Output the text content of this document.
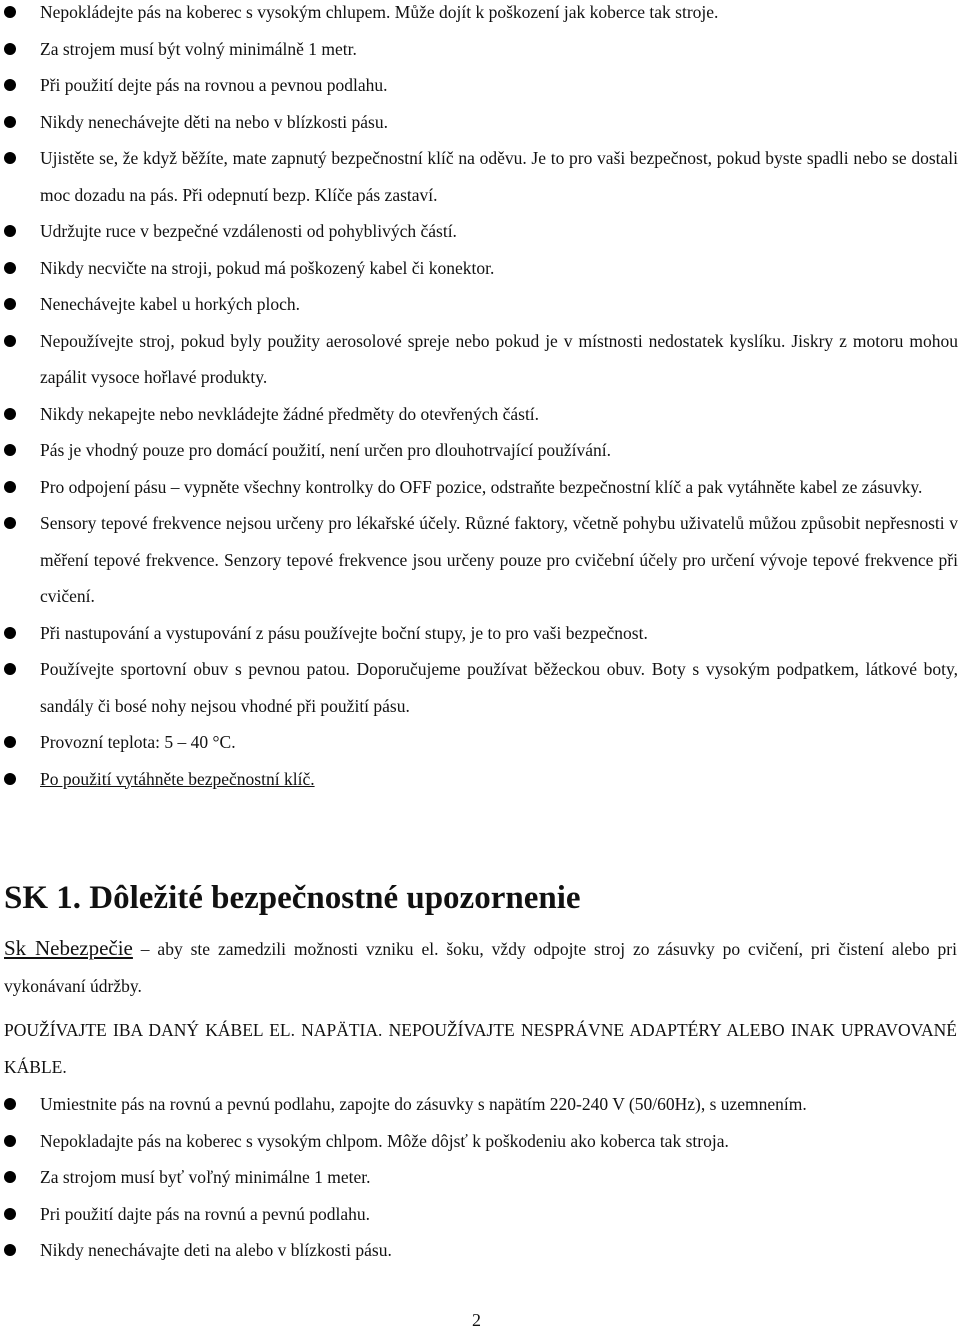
Nepokládejte pás na koberec s vysokým chlupem. Může dojít k poškození jak koberce tak stroje.
Za strojem musí být volný minimálně 1 metr.
Při použití dejte pás na rovnou a pevnou podlahu.
Nikdy nenechávejte děti na nebo v blízkosti pásu.
Ujistěte se, že když běžíte, mate zapnutý bezpečnostní klíč na oděvu. Je to pro vaši bezpečnost, pokud byste spadli nebo se dostali moc dozadu na pás. Při odepnutí bezp. Klíče pás zastaví.
Udržujte ruce v bezpečné vzdálenosti od pohyblivých částí.
Nikdy necvičte na stroji, pokud má poškozený kabel či konektor.
Nenechávejte kabel u horkých ploch.
Nepoužívejte stroj, pokud byly použity aerosolové spreje nebo pokud je v místnosti nedostatek kyslíku. Jiskry z motoru mohou zapálit vysoce hořlavé produkty.
Nikdy nekapejte nebo nevkládejte žádné předměty do otevřených částí.
Pás je vhodný pouze pro domácí použití, není určen pro dlouhotrvající používání.
Pro odpojení pásu – vypněte všechny kontrolky do OFF pozice, odstraňte bezpečnostní klíč a pak vytáhněte kabel ze zásuvky.
Sensory tepové frekvence nejsou určeny pro lékařské účely. Různé faktory, včetně pohybu uživatelů můžou způsobit nepřesnosti v měření tepové frekvence. Senzory tepové frekvence jsou určeny pouze pro cvičební účely pro určení vývoje tepové frekvence při cvičení.
Při nastupování a vystupování z pásu používejte boční stupy, je to pro vaši bezpečnost.
Používejte sportovní obuv s pevnou patou. Doporučujeme používat běžeckou obuv. Boty s vysokým podpatkem, látkové boty, sandály či bosé nohy nejsou vhodné při použití pásu.
Provozní teplota: 5 – 40 °C.
Po použití vytáhněte bezpečnostní klíč.
SK 1. Dôležité bezpečnostné upozornenie

Sk Nebezpečie – aby ste zamedzili možnosti vzniku el. šoku, vždy odpojte stroj zo zásuvky po cvičení, pri čistení alebo pri vykonávaní údržby.

POUŽÍVAJTE IBA DANÝ KÁBEL EL. NAPÄTIA. NEPOUŽÍVAJTE NESPRÁVNE ADAPTÉRY ALEBO INAK UPRAVOVANÉ KÁBLE.

Umiestnite pás na rovnú a pevnú podlahu, zapojte do zásuvky s napätím 220-240 V (50/60Hz), s uzemnením.
Nepokladajte pás na koberec s vysokým chlpom. Môže dôjsť k poškodeniu ako koberca tak stroja.
Za strojom musí byť voľný minimálne 1 meter.
Pri použití dajte pás na rovnú a pevnú podlahu.
Nikdy nenechávajte deti na alebo v blízkosti pásu.
2
